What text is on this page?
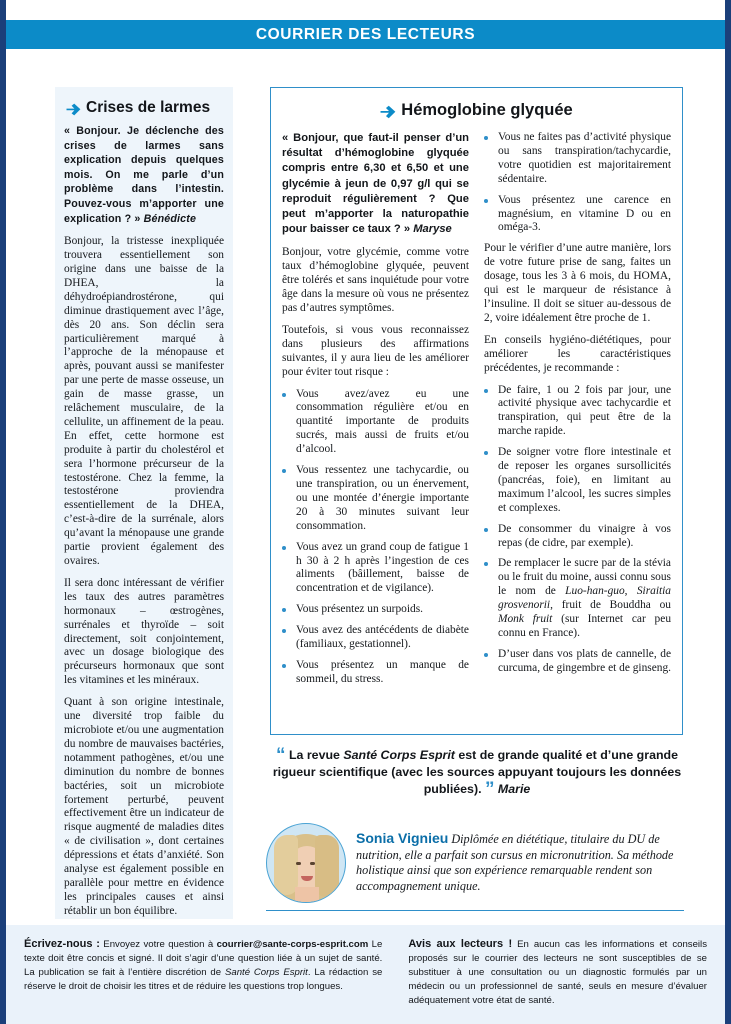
COURRIER DES LECTEURS
Crises de larmes

« Bonjour. Je déclenche des crises de larmes sans explication depuis quelques mois. On me parle d’un problème dans l’intestin. Pouvez-vous m’apporter une explication ? » Bénédicte

Bonjour, la tristesse inexpliquée trouvera essentiellement son origine dans une baisse de la DHEA, la déhydroépiandrostérone, qui diminue drastiquement avec l’âge, dès 20 ans. Son déclin sera particulièrement marqué à l’approche de la ménopause et après, pouvant aussi se manifester par une perte de masse osseuse, un gain de masse grasse, un relâchement musculaire, de la cellulite, un affinement de la peau. En effet, cette hormone est produite à partir du cholestérol et sera l’hormone précurseur de la testostérone. Chez la femme, la testostérone proviendra essentiellement de la DHEA, c’est-à-dire de la surrénale, alors qu’avant la ménopause une grande partie provient également des ovaires.

Il sera donc intéressant de vérifier les taux des autres paramètres hormonaux – œstrogènes, surrénales et thyroïde – soit directement, soit conjointement, avec un dosage biologique des précurseurs hormonaux que sont les vitamines et les minéraux.

Quant à son origine intestinale, une diversité trop faible du microbiote et/ou une augmentation du nombre de mauvaises bactéries, notamment pathogènes, et/ou une diminution du nombre de bonnes bactéries, soit un microbiote fortement perturbé, peuvent effectivement être un indicateur de risque augmenté de maladies dites « de civilisation », dont certaines dépressions et états d’anxiété. Son analyse est également possible en parallèle pour mettre en évidence les principales causes et ainsi rétablir un bon équilibre.

Hémoglobine glyquée

« Bonjour, que faut-il penser d’un résultat d’hémoglobine glyquée compris entre 6,30 et 6,50 et une glycémie à jeun de 0,97 g/l qui se reproduit régulièrement ? Que peut m’apporter la naturopathie pour baisser ce taux ? » Maryse

Bonjour, votre glycémie, comme votre taux d’hémoglobine glyquée, peuvent être tolérés et sans inquiétude pour votre âge dans la mesure où vous ne présentez pas d’autres symptômes.

Toutefois, si vous vous reconnaissez dans plusieurs des affirmations suivantes, il y aura lieu de les améliorer pour éviter tout risque :

Vous avez/avez eu une consommation régulière et/ou en quantité importante de produits sucrés, mais aussi de fruits et/ou d’alcool.
Vous ressentez une tachycardie, ou une transpiration, ou un énervement, ou une montée d’énergie importante 20 à 30 minutes suivant leur consommation.
Vous avez un grand coup de fatigue 1 h 30 à 2 h après l’ingestion de ces aliments (bâillement, baisse de concentration et de vigilance).
Vous présentez un surpoids.
Vous avez des antécédents de diabète (familiaux, gestationnel).
Vous présentez un manque de sommeil, du stress.
Vous ne faites pas d’activité physique ou sans transpiration/tachycardie, votre quotidien est majoritairement sédentaire.
Vous présentez une carence en magnésium, en vitamine D ou en oméga-3.

Pour le vérifier d’une autre manière, lors de votre future prise de sang, faites un dosage, tous les 3 à 6 mois, du HOMA, qui est le marqueur de résistance à l’insuline. Il doit se situer au-dessous de 2, voire idéalement être proche de 1.

En conseils hygiéno-diététiques, pour améliorer les caractéristiques précédentes, je recommande :

De faire, 1 ou 2 fois par jour, une activité physique avec tachycardie et transpiration, qui peut être de la marche rapide.
De soigner votre flore intestinale et de reposer les organes sursollicités (pancréas, foie), en limitant au maximum l’alcool, les sucres simples et complexes.
De consommer du vinaigre à vos repas (de cidre, par exemple).
De remplacer le sucre par de la stévia ou le fruit du moine, aussi connu sous le nom de Luo-han-guo, Siraitia grosvenorii, fruit de Bouddha ou Monk fruit (sur Internet car peu connu en France).
D’user dans vos plats de cannelle, de curcuma, de gingembre et de ginseng.
“ La revue Santé Corps Esprit est de grande qualité et d’une grande rigueur scientifique (avec les sources appuyant toujours les données publiées). ” Marie
Sonia Vignieu Diplômée en diététique, titulaire du DU de nutrition, elle a parfait son cursus en micronutrition. Sa méthode holistique ainsi que son expérience remarquable rendent son accompagnement unique.
Écrivez-nous : Envoyez votre question à courrier@sante-corps-esprit.com Le texte doit être concis et signé. Il doit s’agir d’une question liée à un sujet de santé. La publication se fait à l’entière discrétion de Santé Corps Esprit. La rédaction se réserve le droit de choisir les titres et de réduire les questions trop longues.
Avis aux lecteurs ! En aucun cas les informations et conseils proposés sur le courrier des lecteurs ne sont susceptibles de se substituer à une consultation ou un diagnostic formulés par un médecin ou un professionnel de santé, seuls en mesure d’évaluer adéquatement votre état de santé.
